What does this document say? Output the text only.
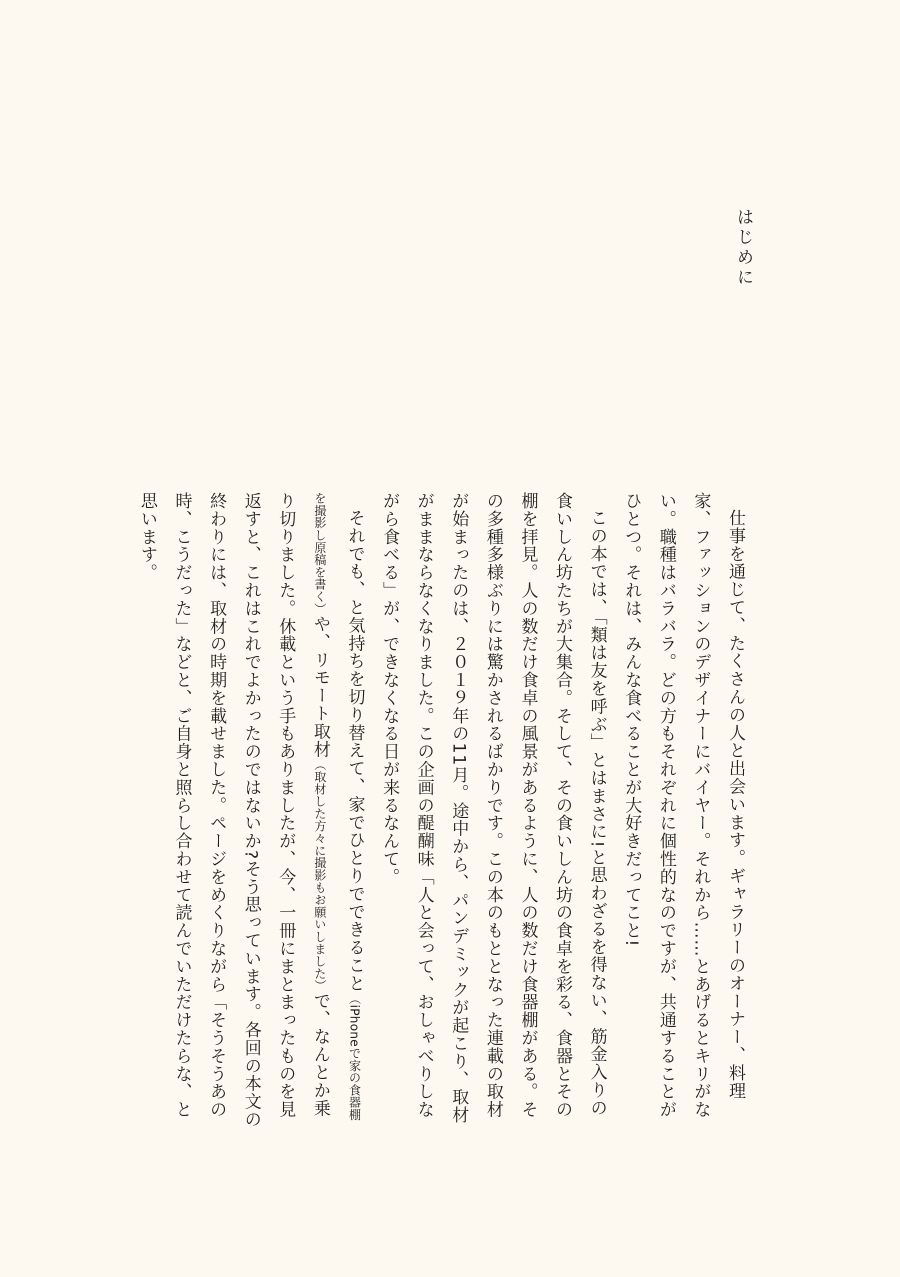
はじめに

仕事を通じて、たくさんの人と出会います。ギャラリーのオーナー、料理家、ファッションのデザイナーにバイヤー。それから……とあげるとキリがない。職種はバラバラ。どの方もそれぞれに個性的なのですが、共通することがひとつ。それは、みんな食べることが大好きだってこと!

この本では、「類は友を呼ぶ」とはまさに!と思わざるを得ない、筋金入りの食いしん坊たちが大集合。そして、その食いしん坊の食卓を彩る、食器とその棚を拝見。人の数だけ食卓の風景があるように、人の数だけ食器棚がある。その多種多様ぶりには驚かされるばかりです。この本のもととなった連載の取材が始まったのは、２０１９年の11月。途中から、パンデミックが起こり、取材がままならなくなりました。この企画の醍醐味「人と会って、おしゃべりしながら食べる」が、できなくなる日が来るなんて。

それでも、と気持ちを切り替えて、家でひとりでできること（iPhoneで家の食器棚を撮影し原稿を書く）や、リモート取材（取材した方々に撮影もお願いしました）で、なんとか乗り切りました。休載という手もありましたが、今、一冊にまとまったものを見返すと、これはこれでよかったのではないか?そう思っています。各回の本文の終わりには、取材の時期を載せました。ページをめくりながら「そうそうあの時、こうだった」などと、ご自身と照らし合わせて読んでいただけたらな、と思います。
